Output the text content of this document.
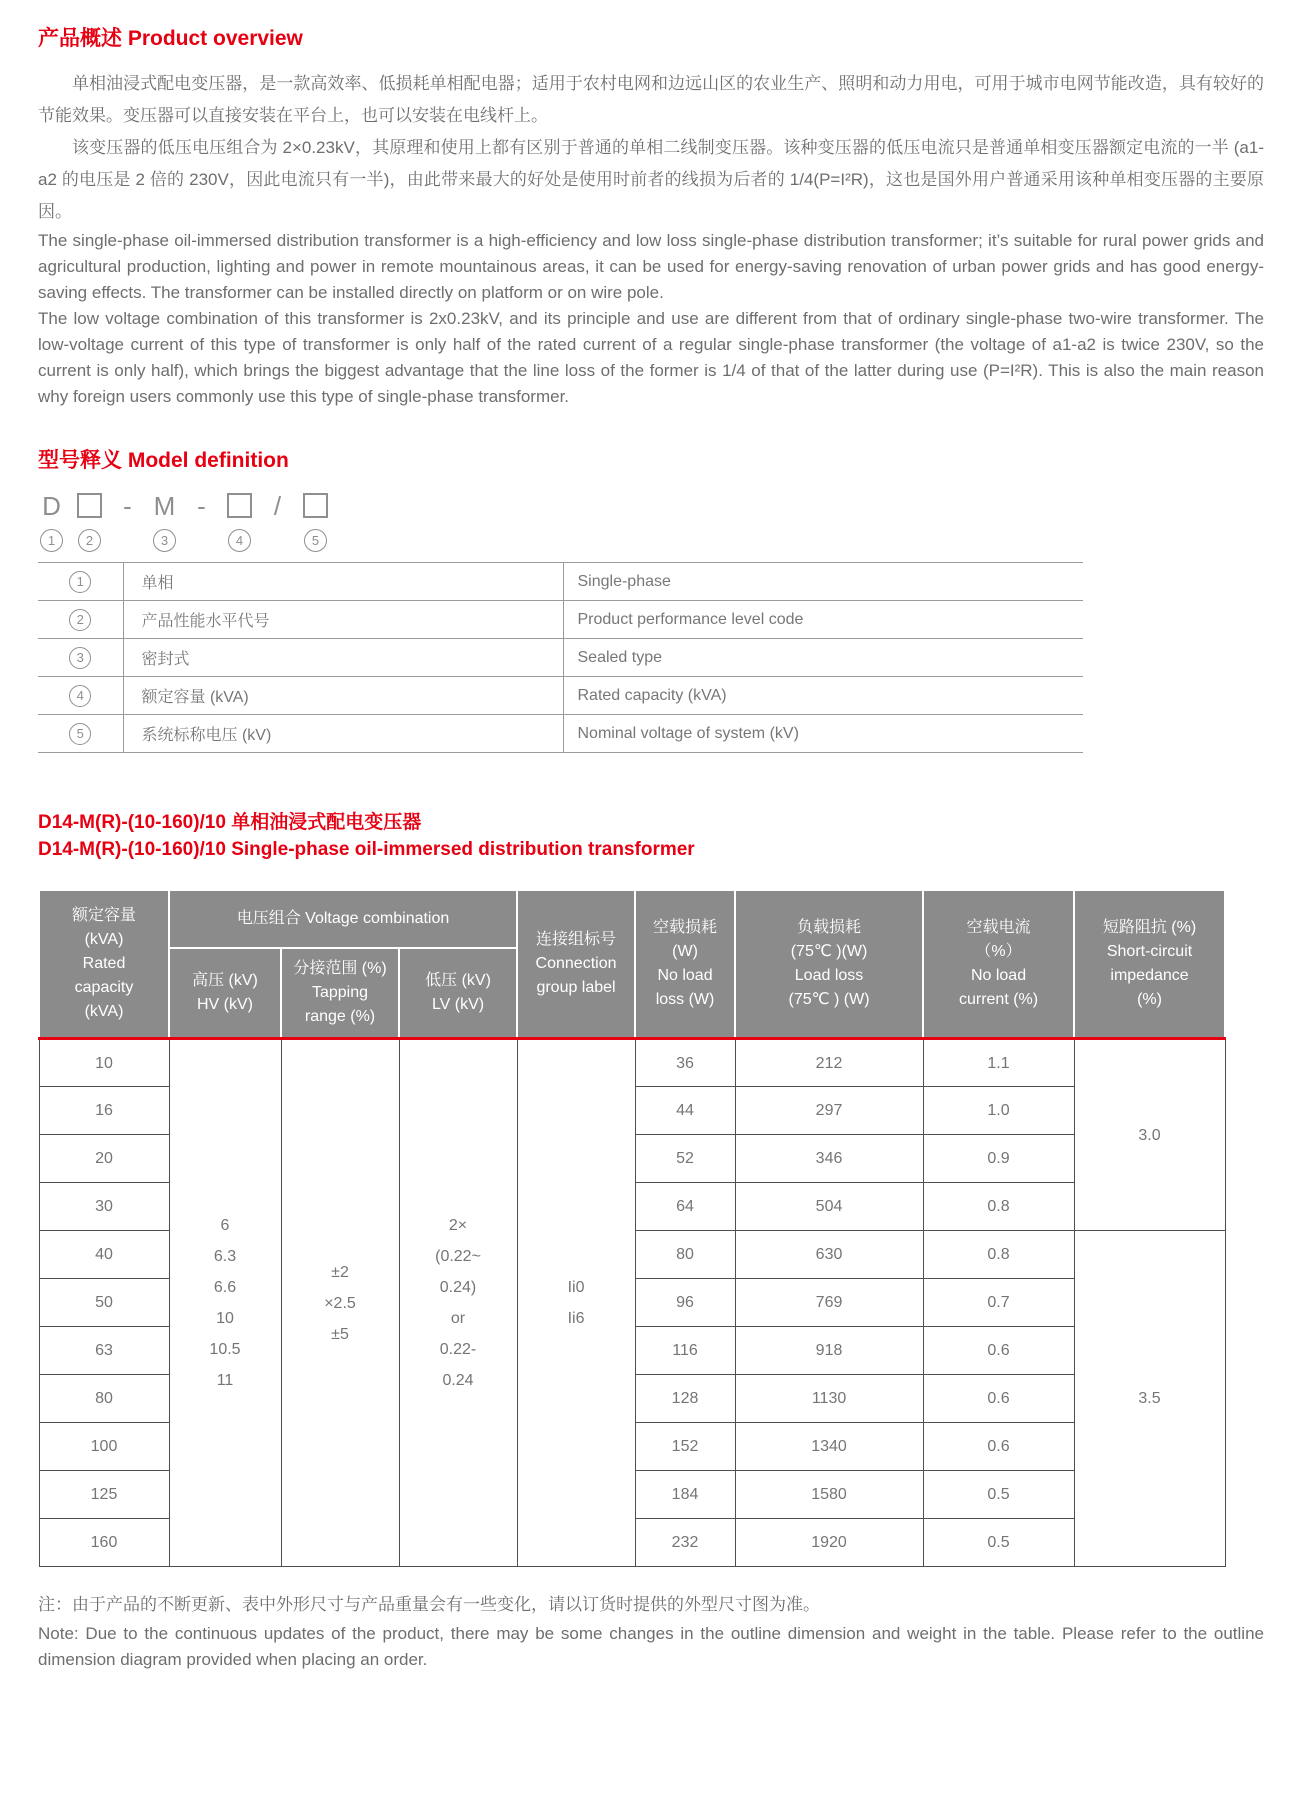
产品概述 Product overview

单相油浸式配电变压器，是一款高效率、低损耗单相配电器；适用于农村电网和边远山区的农业生产、照明和动力用电，可用于城市电网节能改造，具有较好的节能效果。变压器可以直接安装在平台上，也可以安装在电线杆上。

该变压器的低压电压组合为 2×0.23kV，其原理和使用上都有区别于普通的单相二线制变压器。该种变压器的低压电流只是普通单相变压器额定电流的一半 (a1-a2 的电压是 2 倍的 230V，因此电流只有一半)，由此带来最大的好处是使用时前者的线损为后者的 1/4(P=I²R)，这也是国外用户普通采用该种单相变压器的主要原因。

The single-phase oil-immersed distribution transformer is a high-efficiency and low loss single-phase distribution transformer; it’s suitable for rural power grids and agricultural production, lighting and power in remote mountainous areas, it can be used for energy-saving renovation of urban power grids and has good energy-saving effects. The transformer can be installed directly on platform or on wire pole.

The low voltage combination of this transformer is 2x0.23kV, and its principle and use are different from that of ordinary single-phase two-wire transformer. The low-voltage current of this type of transformer is only half of the rated current of a regular single-phase transformer (the voltage of a1-a2 is twice 230V, so the current is only half), which brings the biggest advantage that the line loss of the former is 1/4 of that of the latter during use (P=I²R). This is also the main reason why foreign users commonly use this type of single-phase transformer.

型号释义 Model definition
D
1	2
- M
3
-
4
/
5
1	单相	Single-phase
2	产品性能水平代号	Product performance level code
3	密封式	Sealed type
4	额定容量 (kVA)	Rated capacity (kVA)
5	系统标称电压 (kV)	Nominal voltage of system (kV)
D14-M(R)-(10-160)/10 单相油浸式配电变压器
D14-M(R)-(10-160)/10 Single-phase oil-immersed distribution transformer
额定容量
(kVA)
Rated
capacity
(kVA)	电压组合 Voltage combination			连接组标号
Connection
group label	空载损耗
(W)
No load
loss (W)	负载损耗
(75℃ )(W)
Load loss
(75℃ ) (W)	空载电流
（%）
No load
current (%)	短路阻抗 (%)
Short-circuit
impedance
(%)
	高压 (kV)
HV (kV)	分接范围 (%)
Tapping
range (%)	低压 (kV)
LV (kV)					
10	6
6.3
6.6
10
10.5
11	±2
×2.5
±5	2×
(0.22~
0.24)
or
0.22-
0.24	Ii0
Ii6	36	212	1.1	3.0
16					44	297	1.0	
20					52	346	0.9	
30					64	504	0.8	
40					80	630	0.8	3.5
50					96	769	0.7	
63					116	918	0.6	
80					128	1130	0.6	
100					152	1340	0.6	
125					184	1580	0.5	
160					232	1920	0.5	
注：由于产品的不断更新、表中外形尺寸与产品重量会有一些变化，请以订货时提供的外型尺寸图为准。
Note: Due to the continuous updates of the product, there may be some changes in the outline dimension and weight in the table. Please refer to the outline dimension diagram provided when placing an order.
